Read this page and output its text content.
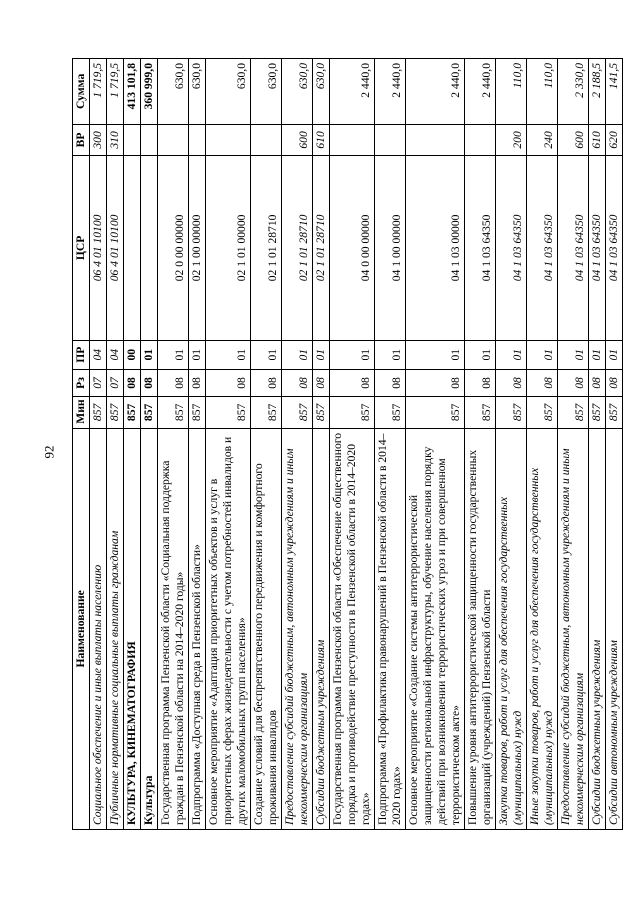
92
Наименование	Мин	Рз	ПР	ЦСР	ВР	Сумма
Социальное обеспечение и иные выплаты населению	857	07	04	06 4 01 10100	300	1 719,5
Публичные нормативные социальные выплаты гражданам	857	07	04	06 4 01 10100	310	1 719,5
КУЛЬТУРА, КИНЕМАТОГРАФИЯ	857	08	00			413 101,8
Культура	857	08	01			360 999,0
Государственная программа Пензенской области «Социальная поддержка граждан в Пензенской области на 2014–2020 годы»	857	08	01	02 0 00 00000		630,0
Подпрограмма «Доступная среда в Пензенской области»	857	08	01	02 1 00 00000		630,0
Основное мероприятие «Адаптация приоритетных объектов и услуг в приоритетных сферах жизнедеятельности с учетом потребностей инвалидов и других маломобильных групп населения»	857	08	01	02 1 01 00000		630,0
Создание условий для беспрепятственного передвижения и комфортного проживания инвалидов	857	08	01	02 1 01 28710		630,0
Предоставление субсидий бюджетным, автономным учреждениям и иным некоммерческим организациям	857	08	01	02 1 01 28710	600	630,0
Субсидии бюджетным учреждениям	857	08	01	02 1 01 28710	610	630,0
Государственная программа Пензенской области «Обеспечение общественного порядка и противодействие преступности в Пензенской области в 2014–2020 годах»	857	08	01	04 0 00 00000		2 440,0
Подпрограмма «Профилактика правонарушений в Пензенской области в 2014–2020 годах»	857	08	01	04 1 00 00000		2 440,0
Основное мероприятие «Создание системы антитеррористической защищенности региональной инфраструктуры, обучение населения порядку действий при возникновении террористических угроз и при совершенном террористическом акте»	857	08	01	04 1 03 00000		2 440,0
Повышение уровня антитеррористической защищенности государственных организаций (учреждений) Пензенской области	857	08	01	04 1 03 64350		2 440,0
Закупка товаров, работ и услуг для обеспечения государственных (муниципальных) нужд	857	08	01	04 1 03 64350	200	110,0
Иные закупки товаров, работ и услуг для обеспечения государственных (муниципальных) нужд	857	08	01	04 1 03 64350	240	110,0
Предоставление субсидий бюджетным, автономным учреждениям и иным некоммерческим организациям	857	08	01	04 1 03 64350	600	2 330,0
Субсидии бюджетным учреждениям	857	08	01	04 1 03 64350	610	2 188,5
Субсидии автономным учреждениям	857	08	01	04 1 03 64350	620	141,5
